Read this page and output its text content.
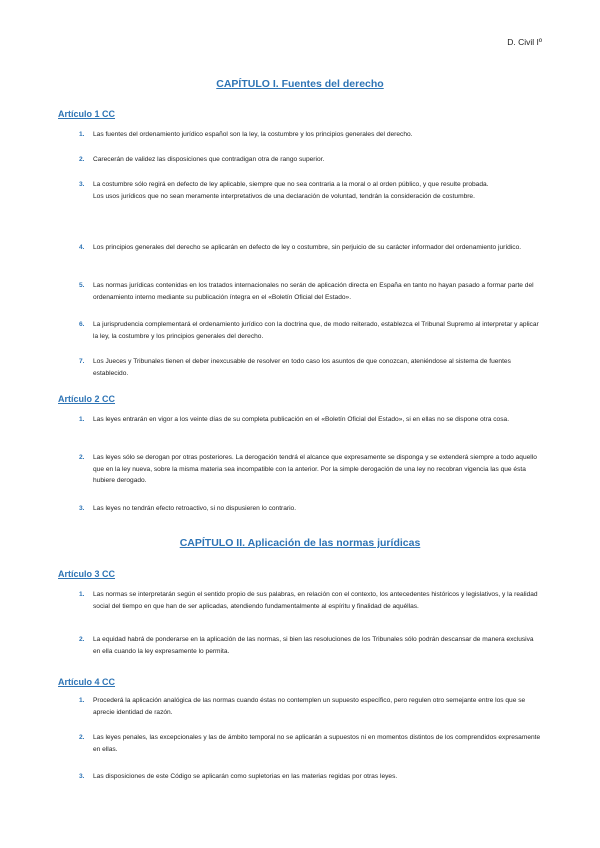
D. Civil Iº
CAPÍTULO I. Fuentes del derecho
Artículo 1 CC
1.	Las fuentes del ordenamiento jurídico español son la ley, la costumbre y los principios generales del derecho.

2.	Carecerán de validez las disposiciones que contradigan otra de rango superior.

3.	La costumbre sólo regirá en defecto de ley aplicable, siempre que no sea contraria a la moral o al orden público, y que resulte probada.

Los usos jurídicos que no sean meramente interpretativos de una declaración de voluntad, tendrán la consideración de costumbre.

4.	Los principios generales del derecho se aplicarán en defecto de ley o costumbre, sin perjuicio de su carácter informador del ordenamiento jurídico.

5.	Las normas jurídicas contenidas en los tratados internacionales no serán de aplicación directa en España en tanto no hayan pasado a formar parte del ordenamiento interno mediante su publicación íntegra en el «Boletín Oficial del Estado».

6.	La jurisprudencia complementará el ordenamiento jurídico con la doctrina que, de modo reiterado, establezca el Tribunal Supremo al interpretar y aplicar la ley, la costumbre y los principios generales del derecho.

7.	Los Jueces y Tribunales tienen el deber inexcusable de resolver en todo caso los asuntos de que conozcan, ateniéndose al sistema de fuentes establecido.

Artículo 2 CC
1.	Las leyes entrarán en vigor a los veinte días de su completa publicación en el «Boletín Oficial del Estado», si en ellas no se dispone otra cosa.

2.	Las leyes sólo se derogan por otras posteriores. La derogación tendrá el alcance que expresamente se disponga y se extenderá siempre a todo aquello que en la ley nueva, sobre la misma materia sea incompatible con la anterior. Por la simple derogación de una ley no recobran vigencia las que ésta hubiere derogado.

3.	Las leyes no tendrán efecto retroactivo, si no dispusieren lo contrario.

CAPÍTULO II. Aplicación de las normas jurídicas
Artículo 3 CC
1.	Las normas se interpretarán según el sentido propio de sus palabras, en relación con el contexto, los antecedentes históricos y legislativos, y la realidad social del tiempo en que han de ser aplicadas, atendiendo fundamentalmente al espíritu y finalidad de aquéllas.

2.	La equidad habrá de ponderarse en la aplicación de las normas, si bien las resoluciones de los Tribunales sólo podrán descansar de manera exclusiva en ella cuando la ley expresamente lo permita.

Artículo 4 CC
1.	Procederá la aplicación analógica de las normas cuando éstas no contemplen un supuesto específico, pero regulen otro semejante entre los que se aprecie identidad de razón.

2.	Las leyes penales, las excepcionales y las de ámbito temporal no se aplicarán a supuestos ni en momentos distintos de los comprendidos expresamente en ellas.

3.	Las disposiciones de este Código se aplicarán como supletorias en las materias regidas por otras leyes.
